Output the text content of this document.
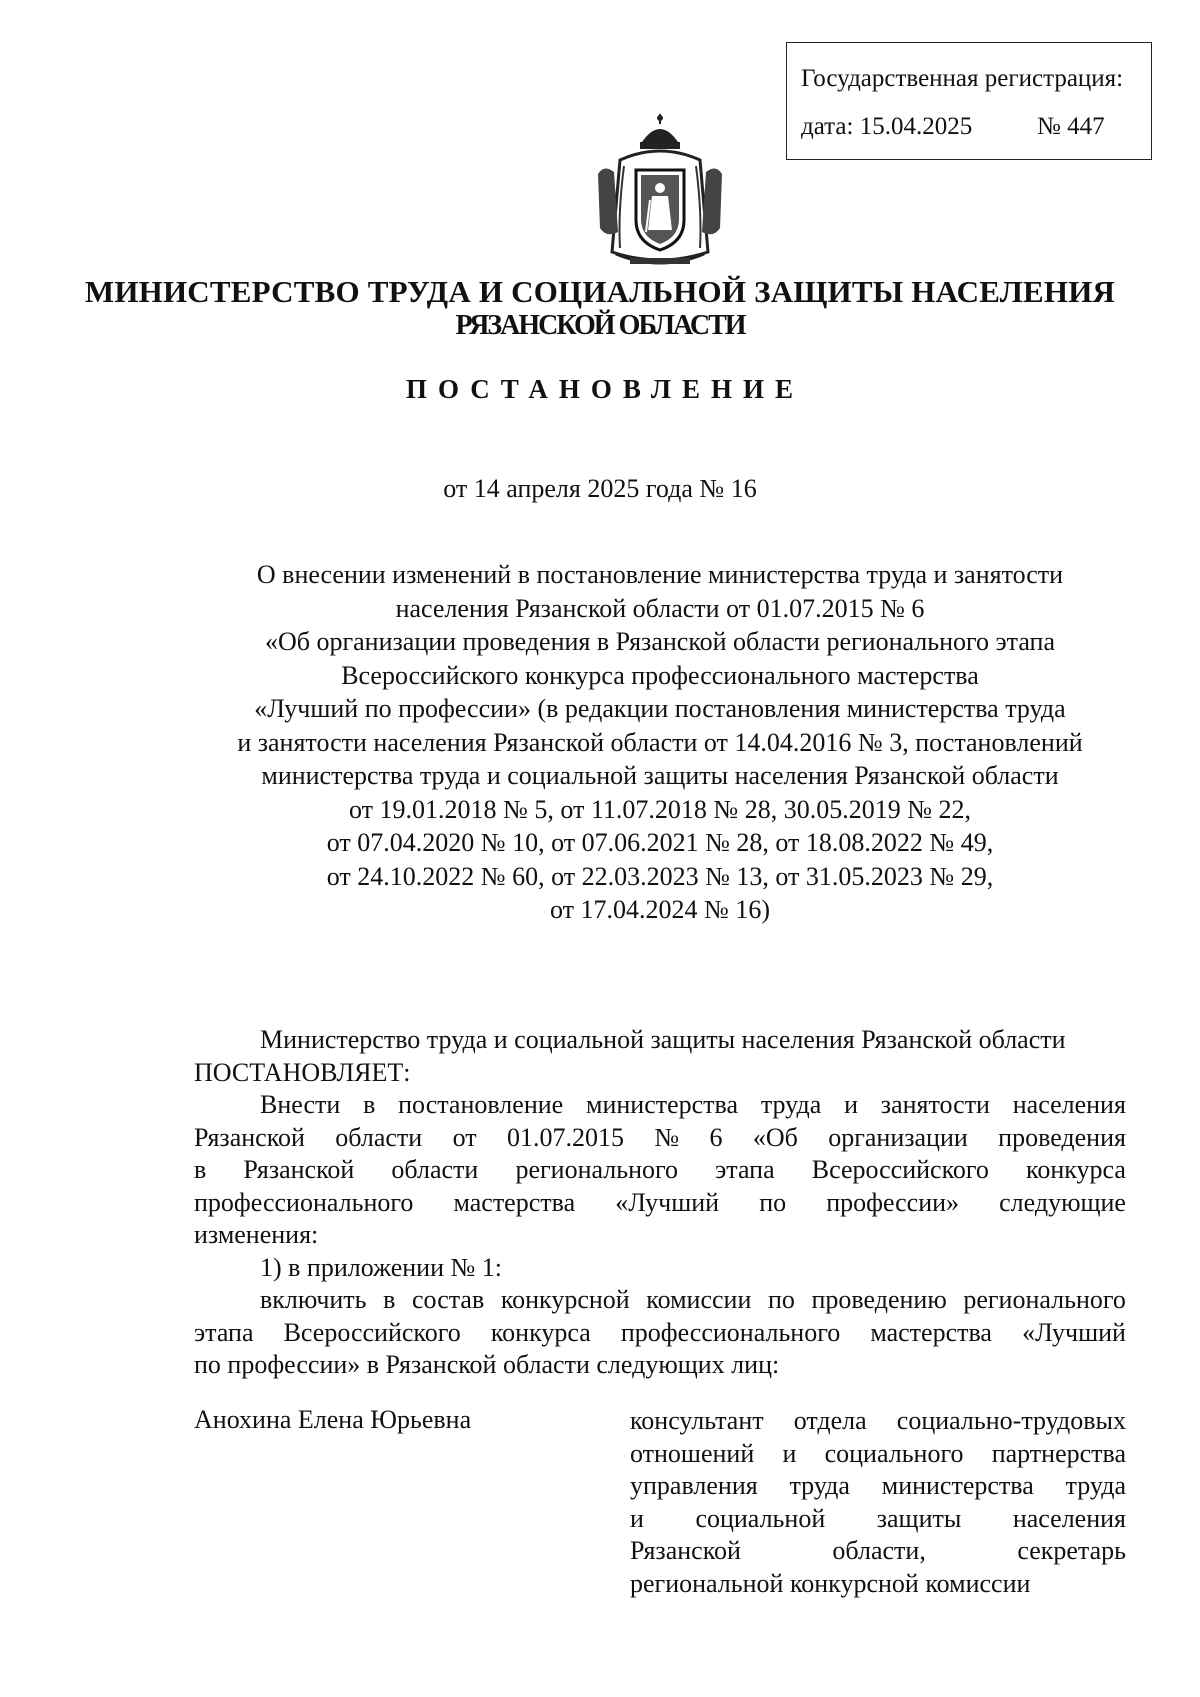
Государственная регистрация:
дата: 15.04.2025	№ 447
МИНИСТЕРСТВО ТРУДА И СОЦИАЛЬНОЙ ЗАЩИТЫ НАСЕЛЕНИЯ
РЯЗАНСКОЙ ОБЛАСТИ
ПОСТАНОВЛЕНИЕ
от 14 апреля 2025 года № 16
О внесении изменений в постановление министерства труда и занятости
населения Рязанской области от 01.07.2015 № 6
«Об организации проведения в Рязанской области регионального этапа
Всероссийского конкурса профессионального мастерства
«Лучший по профессии» (в редакции постановления министерства труда
и занятости населения Рязанской области от 14.04.2016 № 3, постановлений
министерства труда и социальной защиты населения Рязанской области
от 19.01.2018 № 5, от 11.07.2018 № 28, 30.05.2019 № 22,
от 07.04.2020 № 10, от 07.06.2021 № 28, от 18.08.2022 № 49,
от 24.10.2022 № 60, от 22.03.2023 № 13, от 31.05.2023 № 29,
от 17.04.2024 № 16)
Министерство труда и социальной защиты населения Рязанской области
ПОСТАНОВЛЯЕТ:
Внести в постановление министерства труда и занятости населения
Рязанской области от 01.07.2015 № 6 «Об организации проведения
в Рязанской области регионального этапа Всероссийского конкурса
профессионального мастерства «Лучший по профессии» следующие
изменения:
1) в приложении № 1:
включить в состав конкурсной комиссии по проведению регионального
этапа Всероссийского конкурса профессионального мастерства «Лучший
по профессии» в Рязанской области следующих лиц:
Анохина Елена Юрьевна	консультант отдела социально-трудовых
отношений и социального партнерства
управления труда министерства труда
и социальной защиты населения
Рязанской	области,	секретарь
региональной конкурсной комиссии
